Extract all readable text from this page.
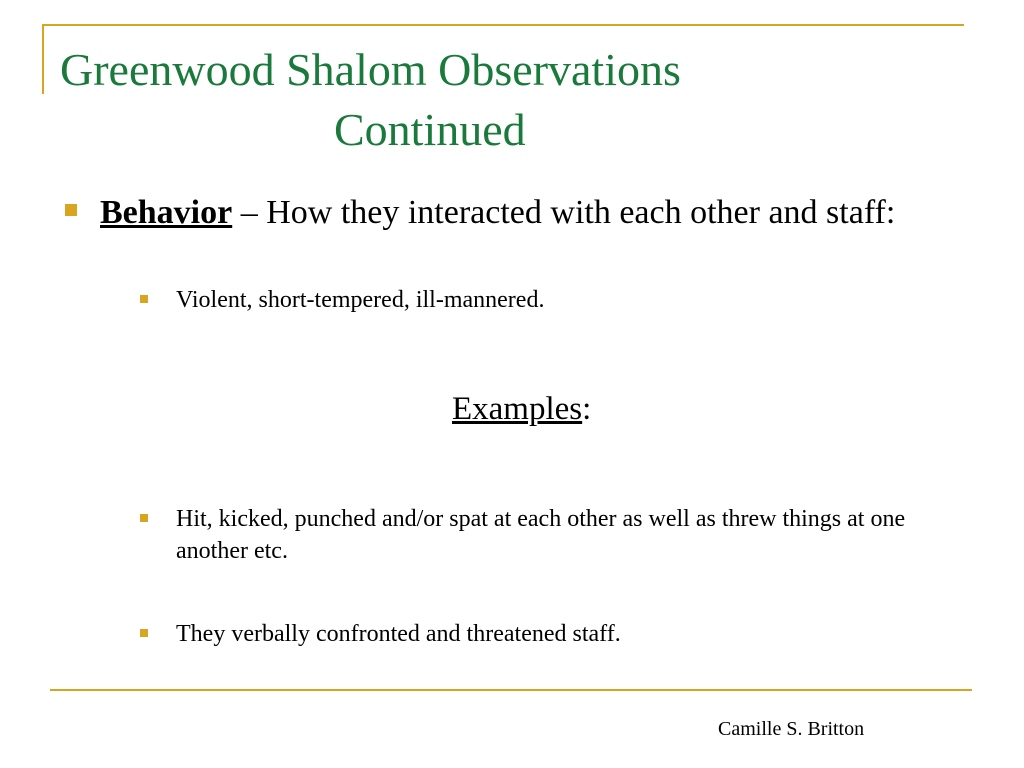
Greenwood Shalom Observations
Continued
Behavior – How they interacted with each other and staff:
Violent, short-tempered, ill-mannered.
Examples:
Hit, kicked, punched and/or spat at each other as well as threw things at one another etc.
They verbally confronted and threatened staff.
Camille S. Britton
